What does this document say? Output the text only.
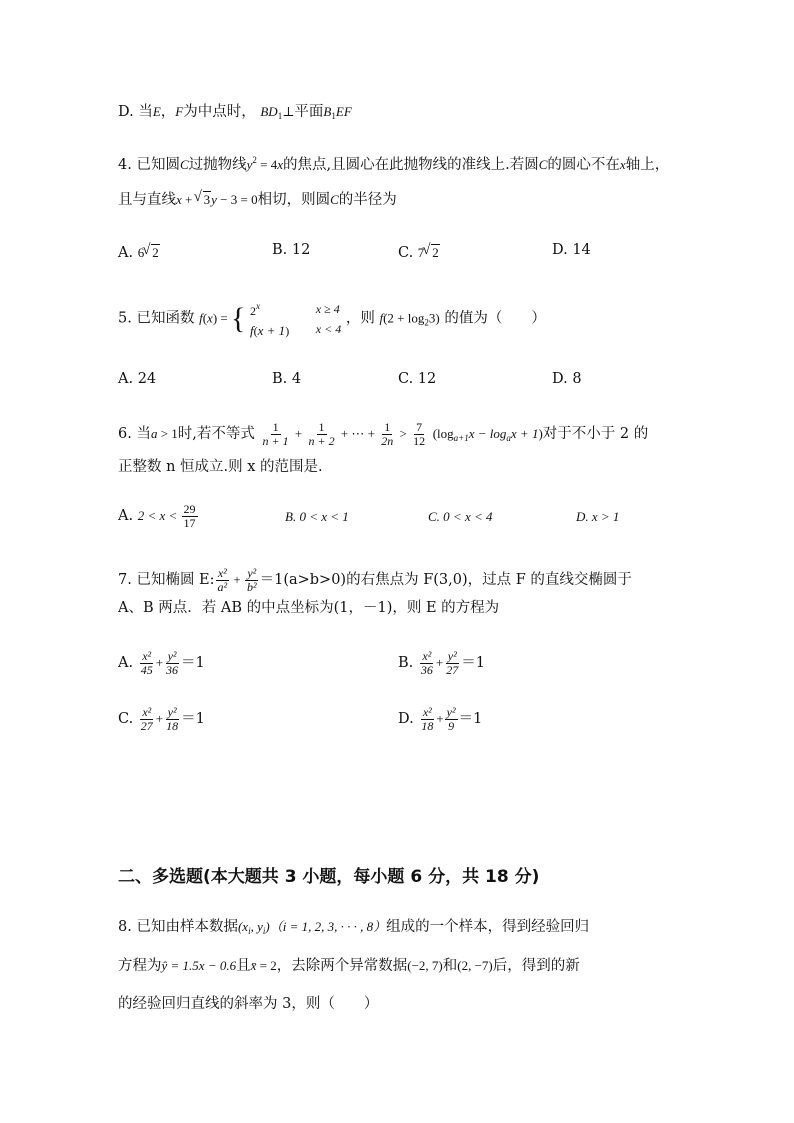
D. 当E，F为中点时， $BD_1\perp$平面$B_1EF$
4. 已知圆C过抛物线$y^2 = 4x$的焦点,且圆心在此抛物线的准线上.若圆C的圆心不在x轴上，
且与直线x + √ 3y − 3 = 0相切，则圆C的半径为
A. 6 √ 2	B. 12	C. 7 √ 2	D. 14
5. 已知函数 f(x) = { 2$^x$
f(x + 1)

x ≥ 4
x < 4
，则 $f(2 + \log_23)$ 的值为（　　）
A. 24	B. 4	C. 12	D. 8
6. 当a > 1时,若不等式 $\frac{1}{n + 1} + \frac{1}{n + 2}$ + ⋯ + $\frac{1}{2n} > \frac{7}{12} (\log_{a+1}x - \log_ax + 1)$对于不小于 2 的
正整数 n 恒成立.则 x 的范围是.
A. $2 < x < \frac{29}{17}$	B. 0 < x < 1	C. 0 < x < 4	D. x > 1
7. 已知椭圆 E: $\frac{\text{x²}}{\text{a²}} + \frac{\text{y²}}{\text{b²}} =1(a>b>0)$的右焦点为 F(3,0)，过点 F 的直线交椭圆于
A、B 两点．若 AB 的中点坐标为(1，－1)，则 E 的方程为
A. $\frac{\text{x²}}{45} + \frac{\text{y²}}{36} =1$	B. $\frac{\text{x²}}{36} + \frac{\text{y²}}{27} =1$
C. $\frac{\text{x²}}{27} + \frac{\text{y²}}{18} =1$	D. $\frac{\text{x²}}{18} + \frac{\text{y²}}{9} =1$
二、多选题(本大题共 3 小题，每小题 6 分，共 18 分)
8. 已知由样本数据($x_i$, $y_i)(i = 1$, 2, 3, · · · , 8）组成的一个样本，得到经验回归
方程为ŷ = 1.5x − 0.6且x̄ = 2，去除两个异常数据(−2, 7)和(2, −7)后，得到的新
的经验回归直线的斜率为 3，则（　　）
